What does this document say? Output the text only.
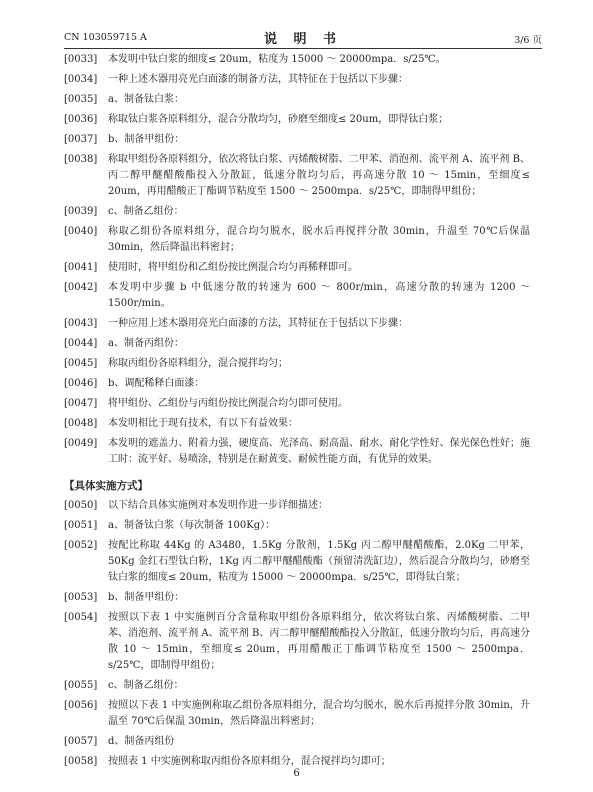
CN 103059715 A	说 明 书	3/6 页
[0033]	本发明中钛白浆的细度≤ 20um，粘度为 15000 ～ 20000mpa．s/25℃。
[0034]	一种上述木器用亮光白面漆的制备方法，其特征在于包括以下步骤：
[0035]	a、制备钛白浆：
[0036]	称取钛白浆各原料组分，混合分散均匀，砂磨至细度≤ 20um，即得钛白浆；
[0037]	b、制备甲组份：
[0038]	称取甲组份各原料组分，依次将钛白浆、丙烯酸树脂、二甲苯、消泡剂、流平剂 A、流平剂 B、丙二醇甲醚醋酸酯投入分散缸，低速分散均匀后，再高速分散 10 ～ 15min，至细度≤ 20um，再用醋酸正丁酯调节粘度至 1500 ～ 2500mpa．s/25℃，即制得甲组份；
[0039]	c、制备乙组份：
[0040]	称取乙组份各原料组分，混合均匀脱水，脱水后再搅拌分散 30min，升温至 70℃后保温 30min，然后降温出料密封；
[0041]	使用时，将甲组份和乙组份按比例混合均匀再稀释即可。
[0042]	本发明中步骤 b 中低速分散的转速为 600 ～ 800r/min，高速分散的转速为 1200 ～ 1500r/min。
[0043]	一种应用上述木器用亮光白面漆的方法，其特征在于包括以下步骤：
[0044]	a、制备丙组份：
[0045]	称取丙组份各原料组分，混合搅拌均匀；
[0046]	b、调配稀释白面漆：
[0047]	将甲组份、乙组份与丙组份按比例混合均匀即可使用。
[0048]	本发明相比于现有技术，有以下有益效果：
[0049]	本发明的遮盖力、附着力强，硬度高、光泽高、耐高温、耐水、耐化学性好、保光保色性好；施工时：流平好、易喷涂，特别是在耐黄变、耐候性能方面，有优异的效果。
【具体实施方式】
[0050]	以下结合具体实施例对本发明作进一步详细描述：
[0051]	a、制备钛白浆（每次制备 100Kg）：
[0052]	按配比称取 44Kg 的 A3480，1.5Kg 分散剂，1.5Kg 丙二醇甲醚醋酸酯，2.0Kg 二甲苯，50Kg 金红石型钛白粉，1Kg 丙二醇甲醚醋酸酯（预留清洗缸边），然后混合分散均匀，砂磨至钛白浆的细度≤ 20um，粘度为 15000 ～ 20000mpa．s/25℃，即得钛白浆；
[0053]	b、制备甲组份：
[0054]	按照以下表 1 中实施例百分含量称取甲组份各原料组分，依次将钛白浆、丙烯酸树脂、二甲苯、消泡剂、流平剂 A、流平剂 B、丙二醇甲醚醋酸酯投入分散缸，低速分散均匀后，再高速分散 10 ～ 15min，至细度≤ 20um，再用醋酸正丁酯调节粘度至 1500 ～ 2500mpa．s/25℃，即制得甲组份；
[0055]	c、制备乙组份：
[0056]	按照以下表 1 中实施例称取乙组份各原料组分，混合均匀脱水，脱水后再搅拌分散 30min，升温至 70℃后保温 30min，然后降温出料密封；
[0057]	d、制备丙组份
[0058]	按照表 1 中实施例称取丙组份各原料组分，混合搅拌均匀即可；
6
